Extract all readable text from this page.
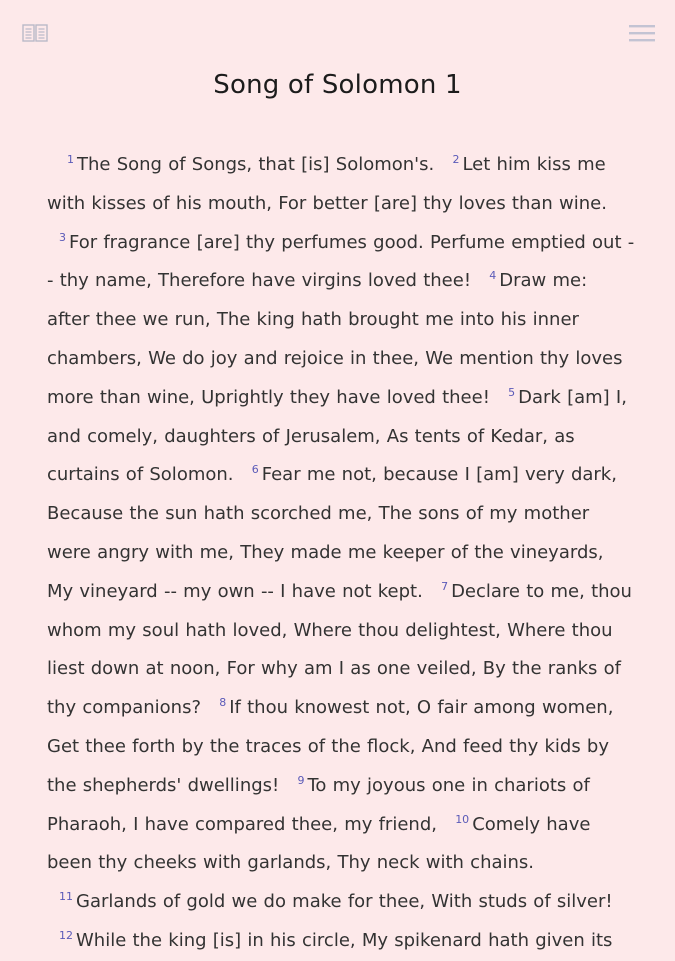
Song of Solomon 1
$^1$ The Song of Songs, that [is] Solomon's. $^2$ Let him kiss me with kisses of his mouth, For better [are] thy loves than wine. $^3$ For fragrance [are] thy perfumes good. Perfume emptied out -- thy name, Therefore have virgins loved thee! $^4$ Draw me: after thee we run, The king hath brought me into his inner chambers, We do joy and rejoice in thee, We mention thy loves more than wine, Uprightly they have loved thee! $^5$ Dark [am] I, and comely, daughters of Jerusalem, As tents of Kedar, as curtains of Solomon. $^6$ Fear me not, because I [am] very dark, Because the sun hath scorched me, The sons of my mother were angry with me, They made me keeper of the vineyards, My vineyard -- my own -- I have not kept. $^7$ Declare to me, thou whom my soul hath loved, Where thou delightest, Where thou liest down at noon, For why am I as one veiled, By the ranks of thy companions? $^8$ If thou knowest not, O fair among women, Get thee forth by the traces of the flock, And feed thy kids by the shepherds' dwellings! $^9$ To my joyous one in chariots of Pharaoh, I have compared thee, my friend, $^{10}$ Comely have been thy cheeks with garlands, Thy neck with chains. $^{11}$ Garlands of gold we do make for thee, With studs of silver! $^{12}$ While the king [is] in his circle, My spikenard hath given its
